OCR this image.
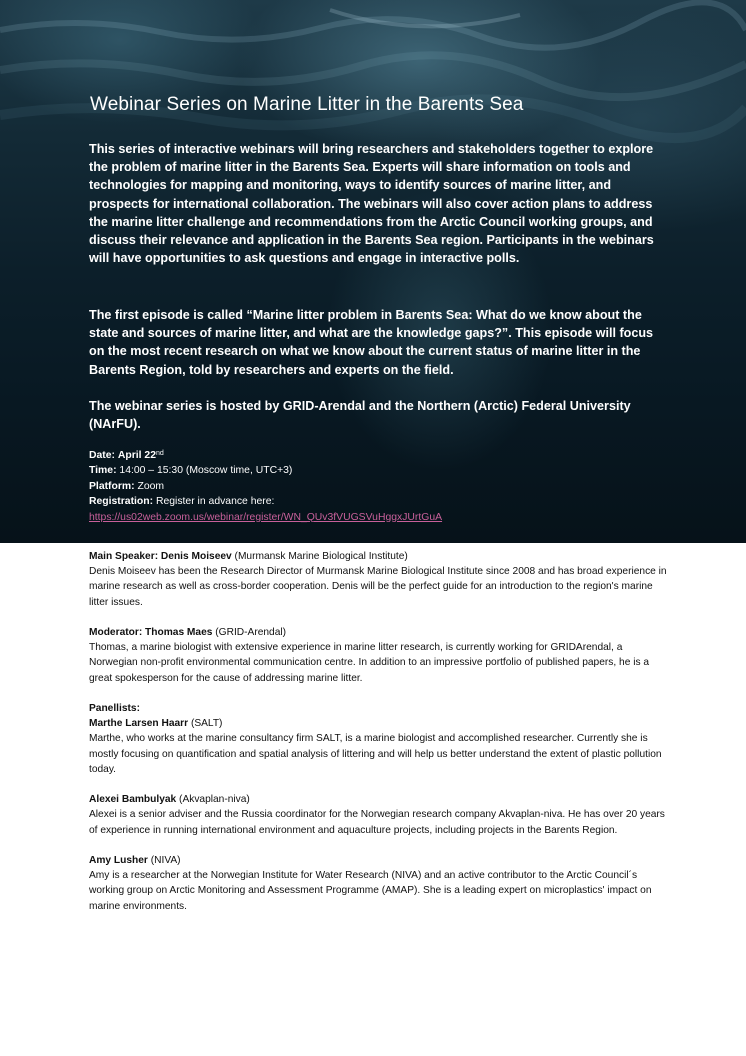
Webinar Series on Marine Litter in the Barents Sea

This series of interactive webinars will bring researchers and stakeholders together to explore the problem of marine litter in the Barents Sea. Experts will share information on tools and technologies for mapping and monitoring, ways to identify sources of marine litter, and prospects for international collaboration. The webinars will also cover action plans to address the marine litter challenge and recommendations from the Arctic Council working groups, and discuss their relevance and application in the Barents Sea region. Participants in the webinars will have opportunities to ask questions and engage in interactive polls.

The first episode is called “Marine litter problem in Barents Sea: What do we know about the state and sources of marine litter, and what are the knowledge gaps?”. This episode will focus on the most recent research on what we know about the current status of marine litter in the Barents Region, told by researchers and experts on the field.

The webinar series is hosted by GRID-Arendal and the Northern (Arctic) Federal University (NArFU).

Date: April 22nd
Time: 14:00 – 15:30 (Moscow time, UTC+3)
Platform: Zoom
Registration: Register in advance here:
https://us02web.zoom.us/webinar/register/WN_QUv3fVUGSVuHggxJUrtGuA

Main Speaker: Denis Moiseev (Murmansk Marine Biological Institute)

Denis Moiseev has been the Research Director of Murmansk Marine Biological Institute since 2008 and has broad experience in marine research as well as cross-border cooperation. Denis will be the perfect guide for an introduction to the region's marine litter issues.

Moderator: Thomas Maes (GRID-Arendal)

Thomas, a marine biologist with extensive experience in marine litter research, is currently working for GRIDArendal, a Norwegian non-profit environmental communication centre. In addition to an impressive portfolio of published papers, he is a great spokesperson for the cause of addressing marine litter.

Panellists:

Marthe Larsen Haarr (SALT)

Marthe, who works at the marine consultancy firm SALT, is a marine biologist and accomplished researcher. Currently she is mostly focusing on quantification and spatial analysis of littering and will help us better understand the extent of plastic pollution today.

Alexei Bambulyak (Akvaplan-niva)

Alexei is a senior adviser and the Russia coordinator for the Norwegian research company Akvaplan-niva. He has over 20 years of experience in running international environment and aquaculture projects, including projects in the Barents Region.

Amy Lusher (NIVA)

Amy is a researcher at the Norwegian Institute for Water Research (NIVA) and an active contributor to the Arctic Council´s working group on Arctic Monitoring and Assessment Programme (AMAP). She is a leading expert on microplastics' impact on marine environments.
